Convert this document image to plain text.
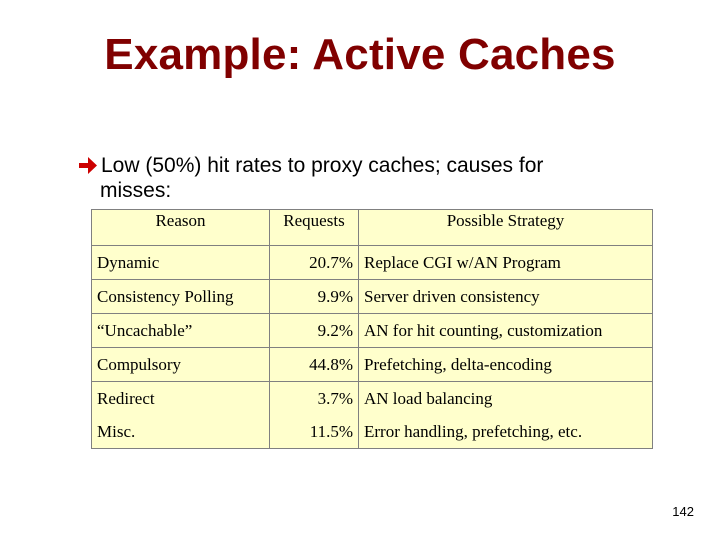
Example: Active Caches
Low (50%) hit rates to proxy caches; causes for
misses:
Reason	Requests	Possible Strategy
Dynamic	20.7%	Replace CGI w/AN Program
Consistency Polling	9.9%	Server driven consistency
“Uncachable”	9.2%	AN for hit counting, customization
Compulsory	44.8%	Prefetching, delta-encoding
Redirect	3.7%	AN load balancing
Misc.	11.5%	Error handling, prefetching, etc.
142
